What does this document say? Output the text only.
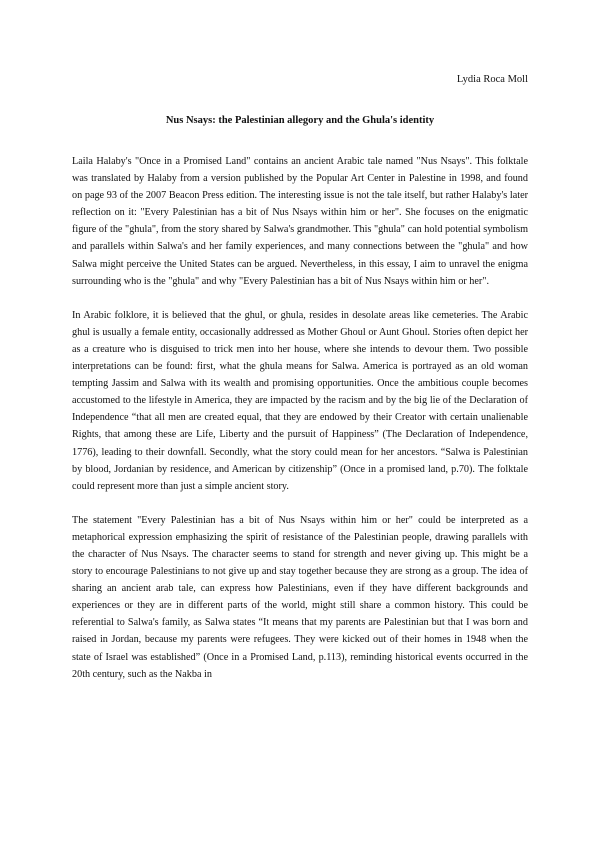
Lydia Roca Moll

Nus Nsays: the Palestinian allegory and the Ghula's identity

Laila Halaby's "Once in a Promised Land" contains an ancient Arabic tale named "Nus Nsays". This folktale was translated by Halaby from a version published by the Popular Art Center in Palestine in 1998, and found on page 93 of the 2007 Beacon Press edition. The interesting issue is not the tale itself, but rather Halaby's later reflection on it: "Every Palestinian has a bit of Nus Nsays within him or her". She focuses on the enigmatic figure of the "ghula", from the story shared by Salwa's grandmother. This "ghula" can hold potential symbolism and parallels within Salwa's and her family experiences, and many connections between the "ghula" and how Salwa might perceive the United States can be argued. Nevertheless, in this essay, I aim to unravel the enigma surrounding who is the "ghula" and why "Every Palestinian has a bit of Nus Nsays within him or her".

In Arabic folklore, it is believed that the ghul, or ghula, resides in desolate areas like cemeteries. The Arabic ghul is usually a female entity, occasionally addressed as Mother Ghoul or Aunt Ghoul. Stories often depict her as a creature who is disguised to trick men into her house, where she intends to devour them. Two possible interpretations can be found: first, what the ghula means for Salwa. America is portrayed as an old woman tempting Jassim and Salwa with its wealth and promising opportunities. Once the ambitious couple becomes accustomed to the lifestyle in America, they are impacted by the racism and by the big lie of the Declaration of Independence “that all men are created equal, that they are endowed by their Creator with certain unalienable Rights, that among these are Life, Liberty and the pursuit of Happiness” (The Declaration of Independence, 1776), leading to their downfall. Secondly, what the story could mean for her ancestors. “Salwa is Palestinian by blood, Jordanian by residence, and American by citizenship” (Once in a promised land, p.70). The folktale could represent more than just a simple ancient story.

The statement "Every Palestinian has a bit of Nus Nsays within him or her" could be interpreted as a metaphorical expression emphasizing the spirit of resistance of the Palestinian people, drawing parallels with the character of Nus Nsays. The character seems to stand for strength and never giving up. This might be a story to encourage Palestinians to not give up and stay together because they are strong as a group. The idea of sharing an ancient arab tale, can express how Palestinians, even if they have different backgrounds and experiences or they are in different parts of the world, might still share a common history. This could be referential to Salwa's family, as Salwa states “It means that my parents are Palestinian but that I was born and raised in Jordan, because my parents were refugees. They were kicked out of their homes in 1948 when the state of Israel was established” (Once in a Promised Land, p.113), reminding historical events occurred in the 20th century, such as the Nakba in
